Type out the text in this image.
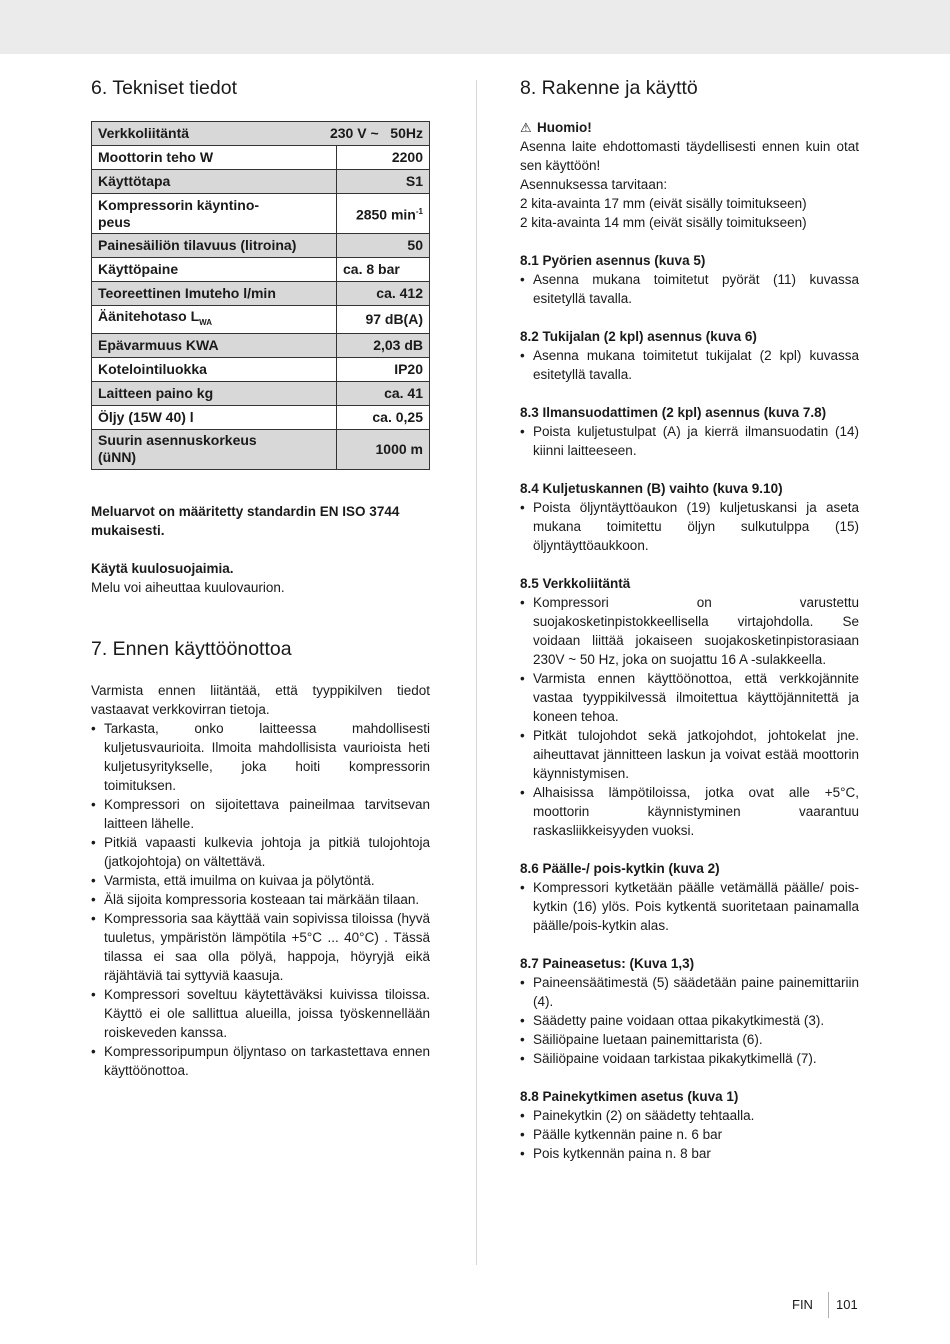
6. Tekniset tiedot
Verkkoliitäntä 230 V ~   50Hz	

Moottorin teho W	2200
Käyttötapa	S1

Kompressorin käyntino-peus	2850 $\min^{-1}$
Painesäiliön tilavuus (litroina)	50
Käyttöpaine	ca. 8 bar
Teoreettinen Imuteho l/min	ca. 412
Äänitehotaso $L_{WA}$	97 dB(A)
Epävarmuus KWA	2,03 dB
Kotelointiluokka	IP20
Laitteen paino kg	ca. 41
Öljy (15W 40) l	ca. 0,25

Suurin asennuskorkeus (üNN)	1000 m

Meluarvot on määritetty standardin EN ISO 3744 mukaisesti.

Käytä kuulosuojaimia.

Melu voi aiheuttaa kuulovaurion.

7. Ennen käyttöönottoa

Varmista ennen liitäntää, että tyyppikilven tiedot vastaavat verkkovirran tietoja.

• Tarkasta, onko laitteessa mahdollisesti kuljetusvaurioita. Ilmoita mahdollisista vaurioista heti kuljetusyritykselle, joka hoiti kompressorin toimituksen.
• Kompressori on sijoitettava paineilmaa tarvitsevan laitteen lähelle.
• Pitkiä vapaasti kulkevia johtoja ja pitkiä tulojohtoja (jatkojohtoja) on vältettävä.
• Varmista, että imuilma on kuivaa ja pölytöntä.
• Älä sijoita kompressoria kosteaan tai märkään tilaan.
• Kompressoria saa käyttää vain sopivissa tiloissa (hyvä tuuletus, ympäristön lämpötila +5°C ... 40°C) . Tässä tilassa ei saa olla pölyä, happoja, höyryjä eikä räjähtäviä tai syttyviä kaasuja.
• Kompressori soveltuu käytettäväksi kuivissa tiloissa. Käyttö ei ole sallittua alueilla, joissa työskennellään roiskeveden kanssa.
• Kompressoripumpun öljyntaso on tarkastettava ennen käyttöönottoa.
8. Rakenne ja käyttö

⚠ Huomio!

Asenna laite ehdottomasti täydellisesti ennen kuin otat sen käyttöön!

Asennuksessa tarvitaan:

2 kita-avainta 17 mm (eivät sisälly toimitukseen)

2 kita-avainta 14 mm (eivät sisälly toimitukseen)

8.1 Pyörien asennus (kuva 5)

• Asenna mukana toimitetut pyörät (11) kuvassa esitetyllä tavalla.

8.2 Tukijalan (2 kpl) asennus (kuva 6)

• Asenna mukana toimitetut tukijalat (2 kpl) kuvassa esitetyllä tavalla.

8.3 Ilmansuodattimen (2 kpl) asennus (kuva 7.8)

• Poista kuljetustulpat (A) ja kierrä ilmansuodatin (14) kiinni laitteeseen.

8.4 Kuljetuskannen (B) vaihto (kuva 9.10)

• Poista öljyntäyttöaukon (19) kuljetuskansi ja aseta mukana toimitettu öljyn sulkutulppa (15) öljyntäyttöaukkoon.

8.5 Verkkoliitäntä

• Kompressori on varustettu suojakosketinpistokkeellisella virtajohdolla. Se voidaan liittää jokaiseen suojakosketinpistorasiaan 230V ~ 50 Hz, joka on suojattu 16 A -sulakkeella.
• Varmista ennen käyttöönottoa, että verkkojännite vastaa tyyppikilvessä ilmoitettua käyttöjännitettä ja koneen tehoa.
• Pitkät tulojohdot sekä jatkojohdot, johtokelat jne. aiheuttavat jännitteen laskun ja voivat estää moottorin käynnistymisen.
• Alhaisissa lämpötiloissa, jotka ovat alle +5°C, moottorin käynnistyminen vaarantuu raskasliikkeisyyden vuoksi.

8.6 Päälle-/ pois-kytkin (kuva 2)

• Kompressori kytketään päälle vetämällä päälle/ pois-kytkin (16) ylös. Pois kytkentä suoritetaan painamalla päälle/pois-kytkin alas.

8.7 Paineasetus: (Kuva 1,3)

• Paineensäätimestä (5) säädetään paine painemittariin (4).
• Säädetty paine voidaan ottaa pikakytkimestä (3).
• Säiliöpaine luetaan painemittarista (6).
• Säiliöpaine voidaan tarkistaa pikakytkimellä (7).

8.8 Painekytkimen asetus (kuva 1)

• Painekytkin (2) on säädetty tehtaalla.
• Päälle kytkennän paine n. 6 bar
• Pois kytkennän paina n. 8 bar
FIN 101
